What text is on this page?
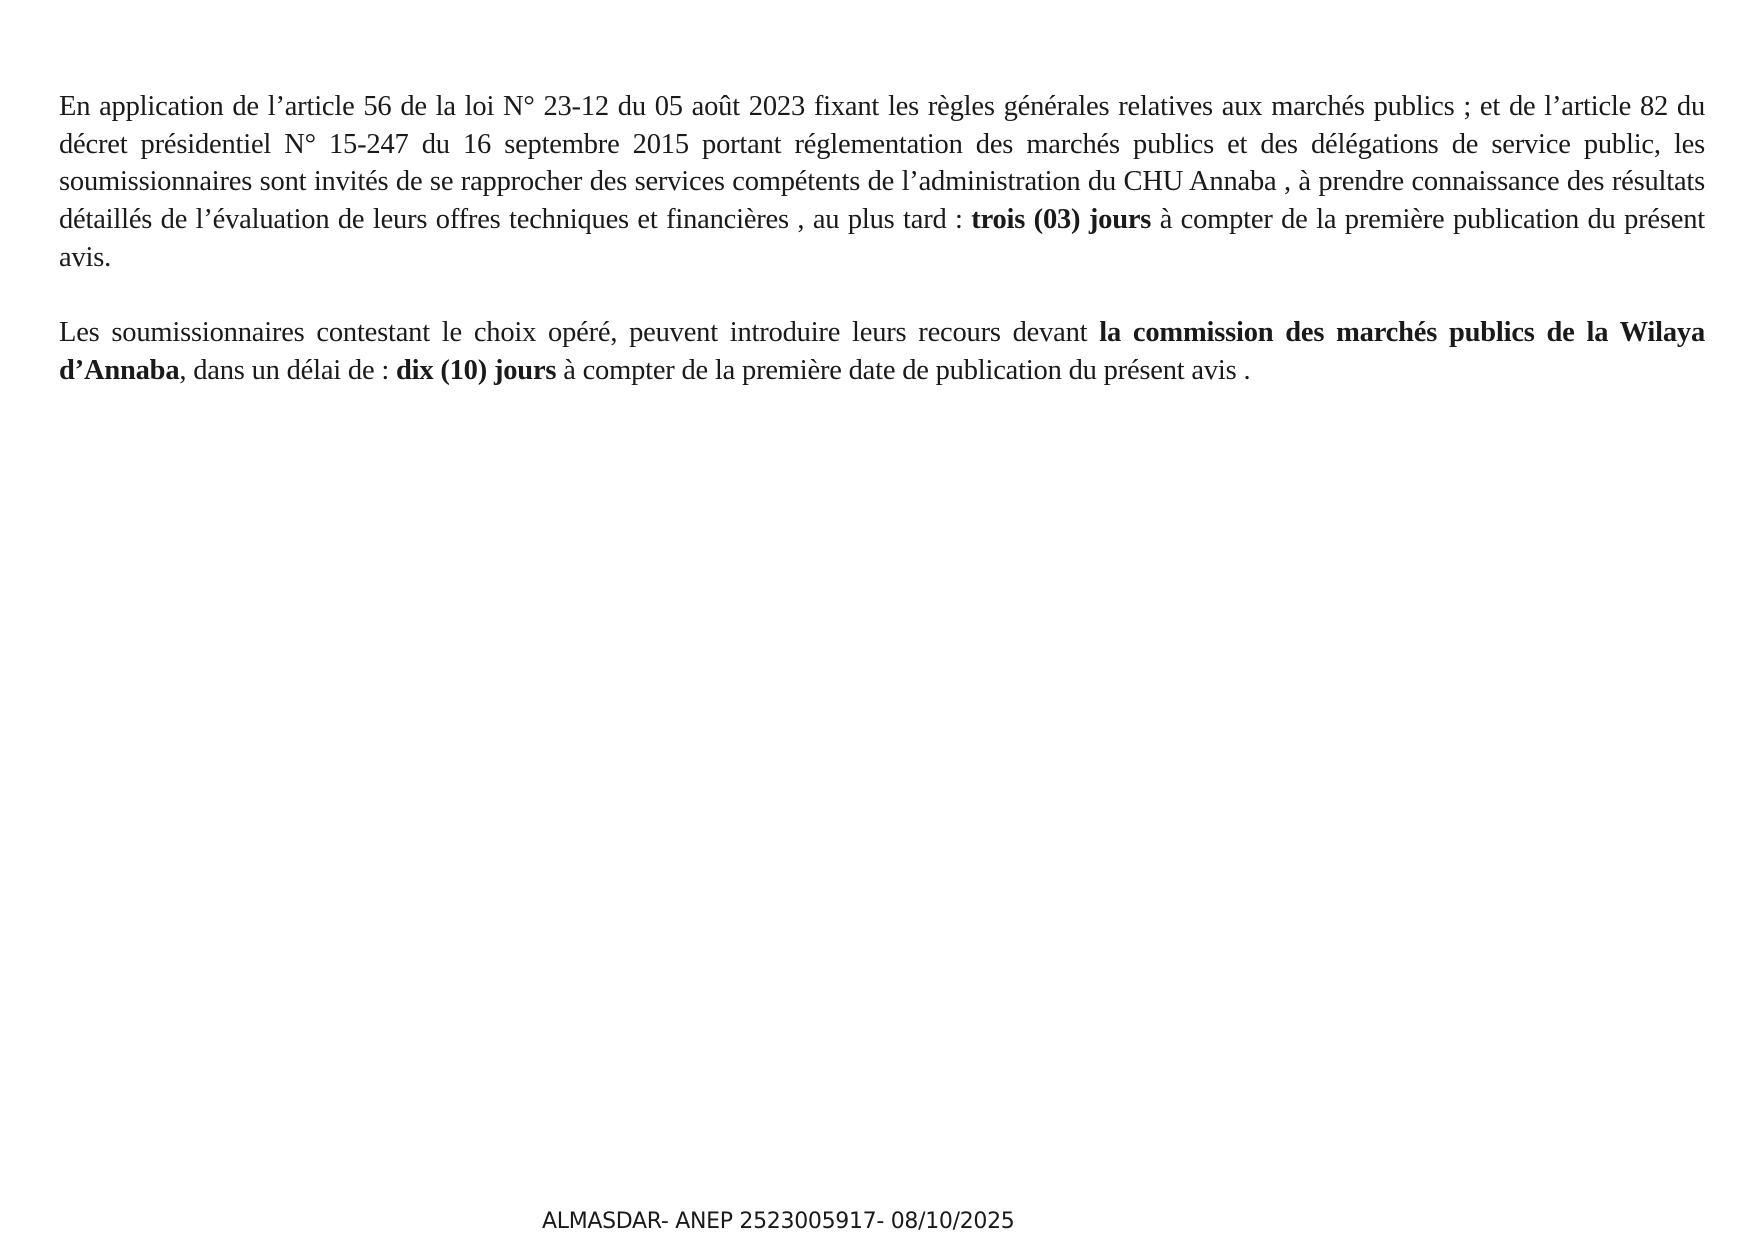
En application de l’article 56 de la loi N° 23-12 du 05 août 2023 fixant les règles générales relatives aux marchés publics ; et de l’article 82 du décret présidentiel N° 15-247 du 16 septembre 2015 portant réglementation des marchés publics et des délégations de service public, les soumissionnaires sont invités de se rapprocher des services compétents de l’administration du CHU Annaba , à prendre connaissance des résultats détaillés de l’évaluation de leurs offres techniques et financières , au plus tard : trois (03) jours à compter de la première publication du présent avis.

Les soumissionnaires contestant le choix opéré, peuvent introduire leurs recours devant la commission des marchés publics de la Wilaya d’Annaba, dans un délai de : dix (10) jours à compter de la première date de publication du présent avis .

ALMASDAR- ANEP 2523005917- 08/10/2025
